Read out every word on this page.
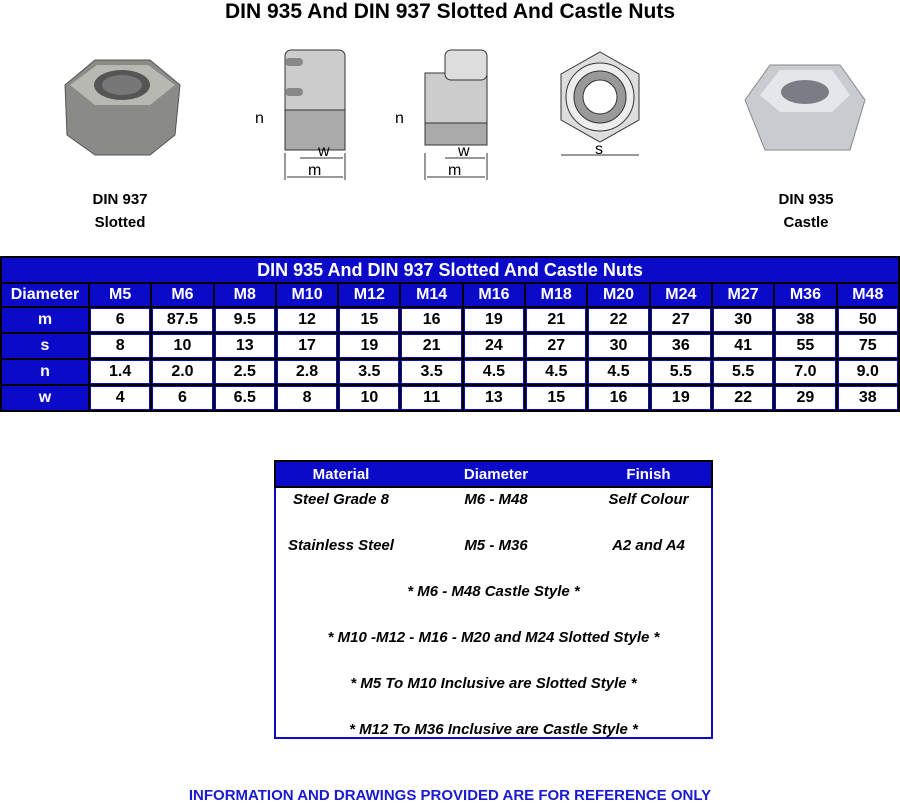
DIN 935 And DIN 937 Slotted And Castle Nuts
DIN 937
Slotted
n
w
m
n
w
m
s
DIN 935
Castle
DIN 935 And DIN 937 Slotted And Castle Nuts													
Diameter	M5	M6	M8	M10	M12	M14	M16	M18	M20	M24	M27	M36	M48
m	6	87.5	9.5	12	15	16	19	21	22	27	30	38	50
s	8	10	13	17	19	21	24	27	30	36	41	55	75
n	1.4	2.0	2.5	2.8	3.5	3.5	4.5	4.5	4.5	5.5	5.5	7.0	9.0
w	4	6	6.5	8	10	11	13	15	16	19	22	29	38
Material	Diameter	Finish
Steel Grade 8	M6 - M48	Self Colour
Stainless Steel	M5 - M36	A2 and A4
* M6 - M48 Castle Style *
* M10 -M12 - M16 - M20 and M24 Slotted Style *
* M5 To M10 Inclusive are Slotted Style *
* M12 To M36 Inclusive are Castle Style *
INFORMATION AND DRAWINGS PROVIDED ARE FOR REFERENCE ONLY
